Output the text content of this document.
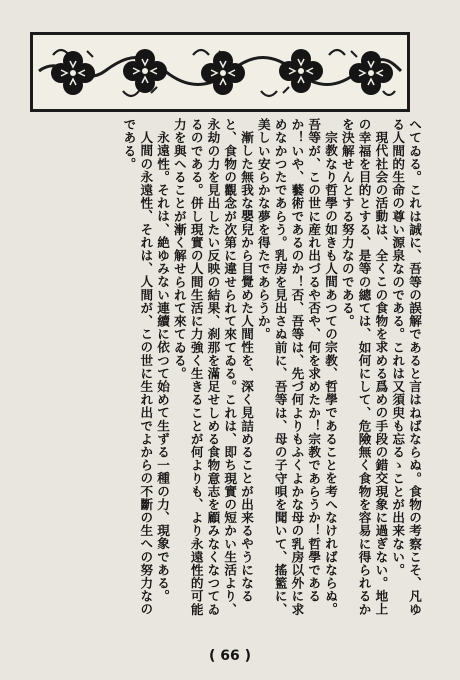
へてゐる。これは誠に、吾等の誤解であると言はねばならぬ。食物の考察こそ、凡ゆる人間的生命の尊い源泉なのである。これは又須臾も忘るゝことが出来ない。

現代社会の活動は、全くこの食物を求める爲めの手段の錯交現象に過ぎない。地上の幸福を目的とする、是等の總ては、如何にして、危險無く食物を容易に得られるかを決解せんとする努力なのである。

宗教なり哲學の如きも人間あつての宗教、哲學であることを考へなければならぬ。吾等が、この世に産れ出づるや否や、何を求めたか！宗教であらうか！哲學であるか！いや、藝術であるのか！否、吾等は、先づ何よりもふくよかな母の乳房以外に求めなかつたであらう。乳房を見出さぬ前に、吾等は、母の子守唄を聞いて、搖籃に、美しい安らかな夢を得たであらうか。

漸した無我な嬰兒から目覺めた人間性を、深く見詰めることが出来るやうになると、食物の觀念が次第に違せられて來てゐる。これは、即ち現實の短かい生活より、永劫の力を見出したい反映の結果、刹那を滿足せしめる食物意志を顧みなくなつてゐるのである。併し現實の人間生活に力強く生きることが何よりも、より永遠性的可能力を與へることが漸く解せられて來てゐる。

永遠性。それは、絶ゆみない連續に依つて始めて生ずる一種の力、現象である。

人間の永遠性、それは、人間が、この世に生れ出でよからの不斷の生への努力なのである。

( 66 )
